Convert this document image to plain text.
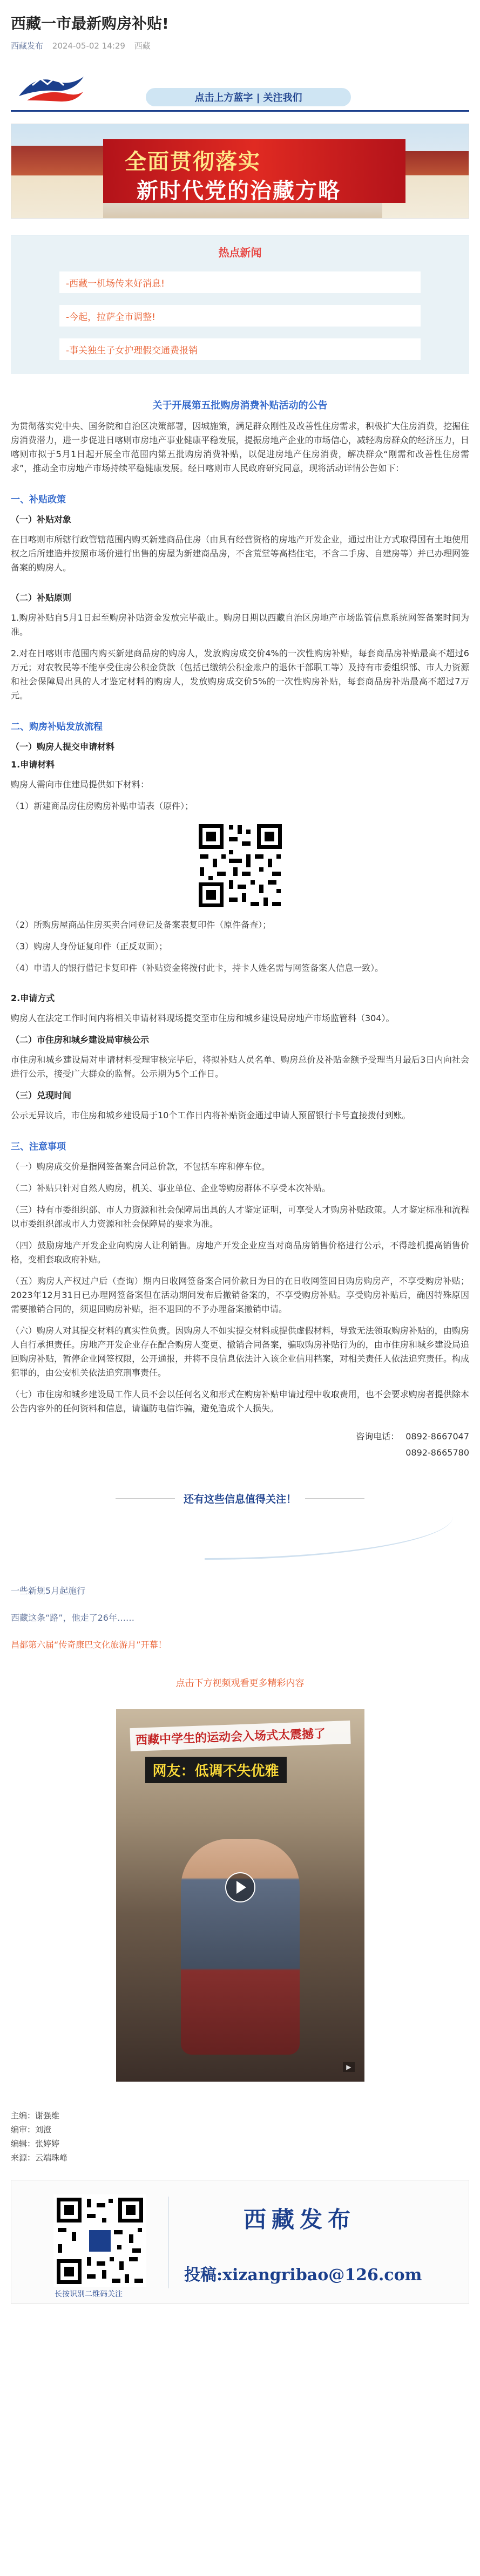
西藏一市最新购房补贴!
西藏发布 2024-05-02 14:29 西藏
点击上方蓝字 | 关注我们
全面贯彻落实
新时代党的治藏方略
热点新闻
-西藏一机场传来好消息!
-今起，拉萨全市调整!
-事关独生子女护理假交通费报销
关于开展第五批购房消费补贴活动的公告

为贯彻落实党中央、国务院和自治区决策部署，因城施策，满足群众刚性及改善性住房需求，积极扩大住房消费，挖掘住房消费潜力，进一步促进日喀则市房地产事业健康平稳发展，提振房地产企业的市场信心，减轻购房群众的经济压力，日喀则市拟于5月1日起开展全市范围内第五批购房消费补贴，以促进房地产住房消费，解决群众“刚需和改善性住房需求”，推动全市房地产市场持续平稳健康发展。经日喀则市人民政府研究同意，现将活动详情公告如下：

一、补贴政策
（一）补贴对象

在日喀则市所辖行政管辖范围内购买新建商品住房（由具有经营资格的房地产开发企业，通过出让方式取得国有土地使用权之后所建造并按照市场价进行出售的房屋为新建商品房，不含荒堂等高档住宅，不含二手房、自建房等）并已办理网签备案的购房人。

（二）补贴原则

1.购房补贴自5月1日起至购房补贴资金发放完毕截止。购房日期以西藏自治区房地产市场监管信息系统网签备案时间为准。

2.对在日喀则市范围内购买新建商品房的购房人，发放购房成交价4%的一次性购房补贴，每套商品房补贴最高不超过6万元；对农牧民等不能享受住房公积金贷款（包括已缴纳公积金账户的退休干部职工等）及持有市委组织部、市人力资源和社会保障局出具的人才鉴定材料的购房人，发放购房成交价5%的一次性购房补贴，每套商品房补贴最高不超过7万元。

二、购房补贴发放流程
（一）购房人提交申请材料
1.申请材料

购房人需向市住建局提供如下材料：

（1）新建商品房住房购房补贴申请表（原件）；

（2）所购房屋商品住房买卖合同登记及备案表复印件（原件备查）；

（3）购房人身份证复印件（正反双面）；

（4）申请人的银行借记卡复印件（补贴资金将拨付此卡，持卡人姓名需与网签备案人信息一致）。

2.申请方式

购房人在法定工作时间内将相关申请材料现场提交至市住房和城乡建设局房地产市场监管科（304）。

（二）市住房和城乡建设局审核公示

市住房和城乡建设局对申请材料受理审核完毕后，将拟补贴人员名单、购房总价及补贴金额予受理当月最后3日内向社会进行公示，接受广大群众的监督。公示期为5个工作日。

（三）兑现时间

公示无异议后，市住房和城乡建设局于10个工作日内将补贴资金通过申请人预留银行卡号直接拨付到账。

三、注意事项

（一）购房成交价是指网签备案合同总价款，不包括车库和停车位。

（二）补贴只针对自然人购房，机关、事业单位、企业等购房群体不享受本次补贴。

（三）持有市委组织部、市人力资源和社会保障局出具的人才鉴定证明，可享受人才购房补贴政策。人才鉴定标准和流程以市委组织部或市人力资源和社会保障局的要求为准。

（四）鼓励房地产开发企业向购房人让利销售。房地产开发企业应当对商品房销售价格进行公示，不得趁机提高销售价格，变相套取政府补贴。

（五）购房人产权过户后（查询）期内日收网签备案合同价款日为日的在日收网签回日购房购房产，不享受购房补贴；2023年12月31日已办理网签备案但在活动期间发布后撤销备案的，不享受购房补贴。享受购房补贴后，确因特殊原因需要撤销合同的，须退回购房补贴，拒不退回的不予办理备案撤销申请。

（六）购房人对其提交材料的真实性负责。因购房人不如实提交材料或提供虚假材料，导致无法领取购房补贴的，由购房人自行承担责任。房地产开发企业存在配合购房人变更、撤销合同备案，骗取购房补贴行为的，由市住房和城乡建设局追回购房补贴，暂停企业网签权限，公开通报，并将不良信息依法计入该企业信用档案，对相关责任人依法追究责任。构成犯罪的，由公安机关依法追究刑事责任。

（七）市住房和城乡建设局工作人员不会以任何名义和形式在购房补贴申请过程中收取费用，也不会要求购房者提供除本公告内容外的任何资料和信息，请谨防电信诈骗，避免造成个人损失。

咨询电话： 0892-8667047
0892-8665780
还有这些信息值得关注！
一些新规5月起施行
西藏这条“路”，他走了26年……
昌都第六届“传奇康巴文化旅游月”开幕！
点击下方视频观看更多精彩内容
西藏中学生的运动会入场式太震撼了
网友：低调不失优雅
▶
主编：谢强维
编审：刘澄
编辑：张婷婷
来源：云端珠峰
长按识别二维码关注
西藏发布
投稿:xizangribao@126.com
